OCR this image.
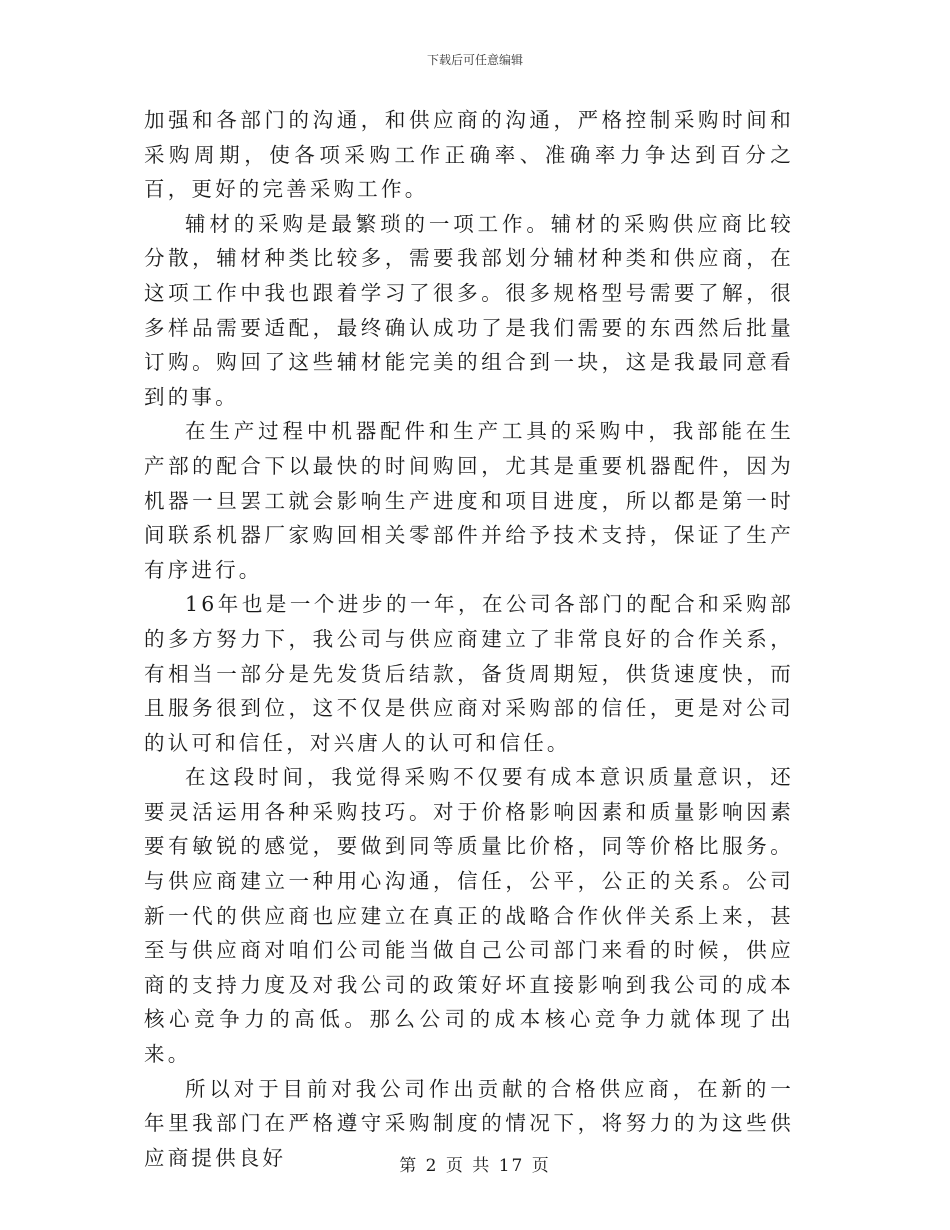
下载后可任意编辑

加强和各部门的沟通，和供应商的沟通，严格控制采购时间和采购周期，使各项采购工作正确率、准确率力争达到百分之百，更好的完善采购工作。

辅材的采购是最繁琐的一项工作。辅材的采购供应商比较分散，辅材种类比较多，需要我部划分辅材种类和供应商，在这项工作中我也跟着学习了很多。很多规格型号需要了解，很多样品需要适配，最终确认成功了是我们需要的东西然后批量订购。购回了这些辅材能完美的组合到一块，这是我最同意看到的事。

在生产过程中机器配件和生产工具的采购中，我部能在生产部的配合下以最快的时间购回，尤其是重要机器配件，因为机器一旦罢工就会影响生产进度和项目进度，所以都是第一时间联系机器厂家购回相关零部件并给予技术支持，保证了生产有序进行。

16年也是一个进步的一年，在公司各部门的配合和采购部的多方努力下，我公司与供应商建立了非常良好的合作关系，有相当一部分是先发货后结款，备货周期短，供货速度快，而且服务很到位，这不仅是供应商对采购部的信任，更是对公司的认可和信任，对兴唐人的认可和信任。

在这段时间，我觉得采购不仅要有成本意识质量意识，还要灵活运用各种采购技巧。对于价格影响因素和质量影响因素要有敏锐的感觉，要做到同等质量比价格，同等价格比服务。与供应商建立一种用心沟通，信任，公平，公正的关系。公司新一代的供应商也应建立在真正的战略合作伙伴关系上来，甚至与供应商对咱们公司能当做自己公司部门来看的时候，供应商的支持力度及对我公司的政策好坏直接影响到我公司的成本核心竞争力的高低。那么公司的成本核心竞争力就体现了出来。

所以对于目前对我公司作出贡献的合格供应商，在新的一年里我部门在严格遵守采购制度的情况下，将努力的为这些供应商提供良好	第 2 页 共 17 页
